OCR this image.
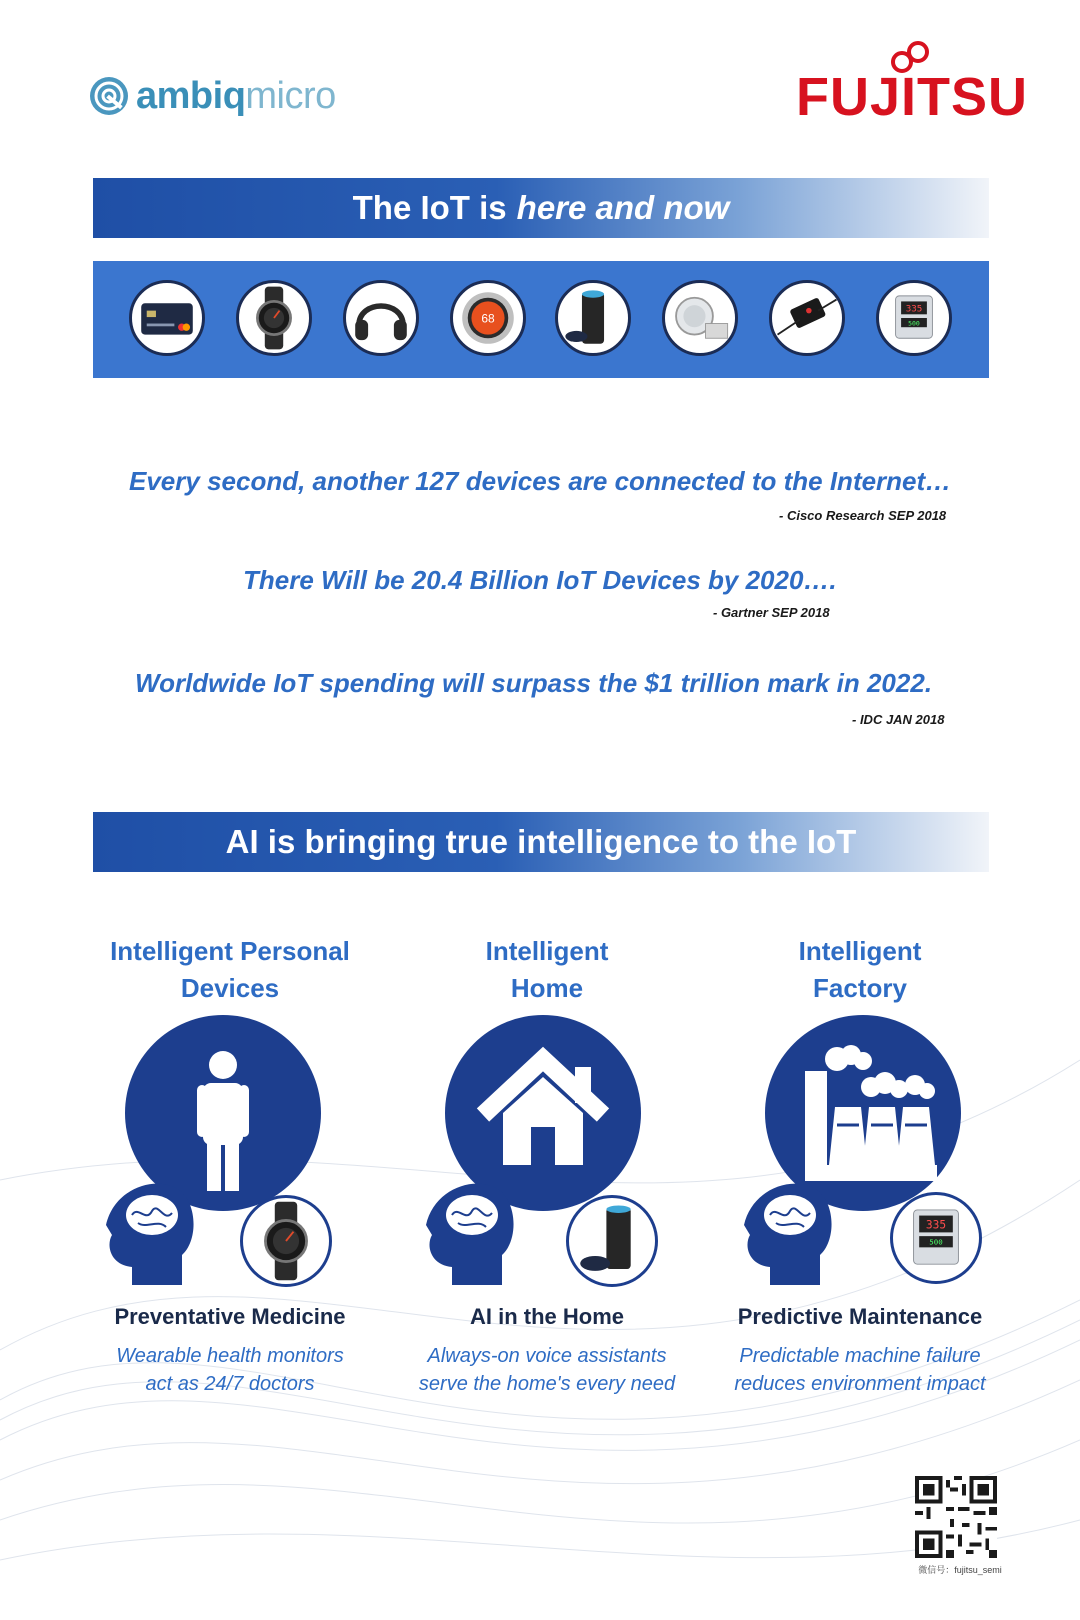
ambiqmicro	FUJITSU
The IoT is here and now
68
335
500
Every second, another 127 devices are connected to the Internet…
- Cisco Research SEP 2018
There Will be 20.4 Billion IoT Devices by 2020….
- Gartner SEP 2018
Worldwide IoT spending will surpass the $1 trillion mark in 2022.
- IDC JAN 2018
AI is bringing true intelligence to the IoT
Intelligent Personal
Devices
Preventative Medicine
Wearable health monitors
act as 24/7 doctors
Intelligent
Home
AI in the Home
Always-on voice assistants
serve the home's every need
Intelligent
Factory
335
500
Predictive Maintenance
Predictable machine failure
reduces environment impact
微信号：fujitsu_semi
